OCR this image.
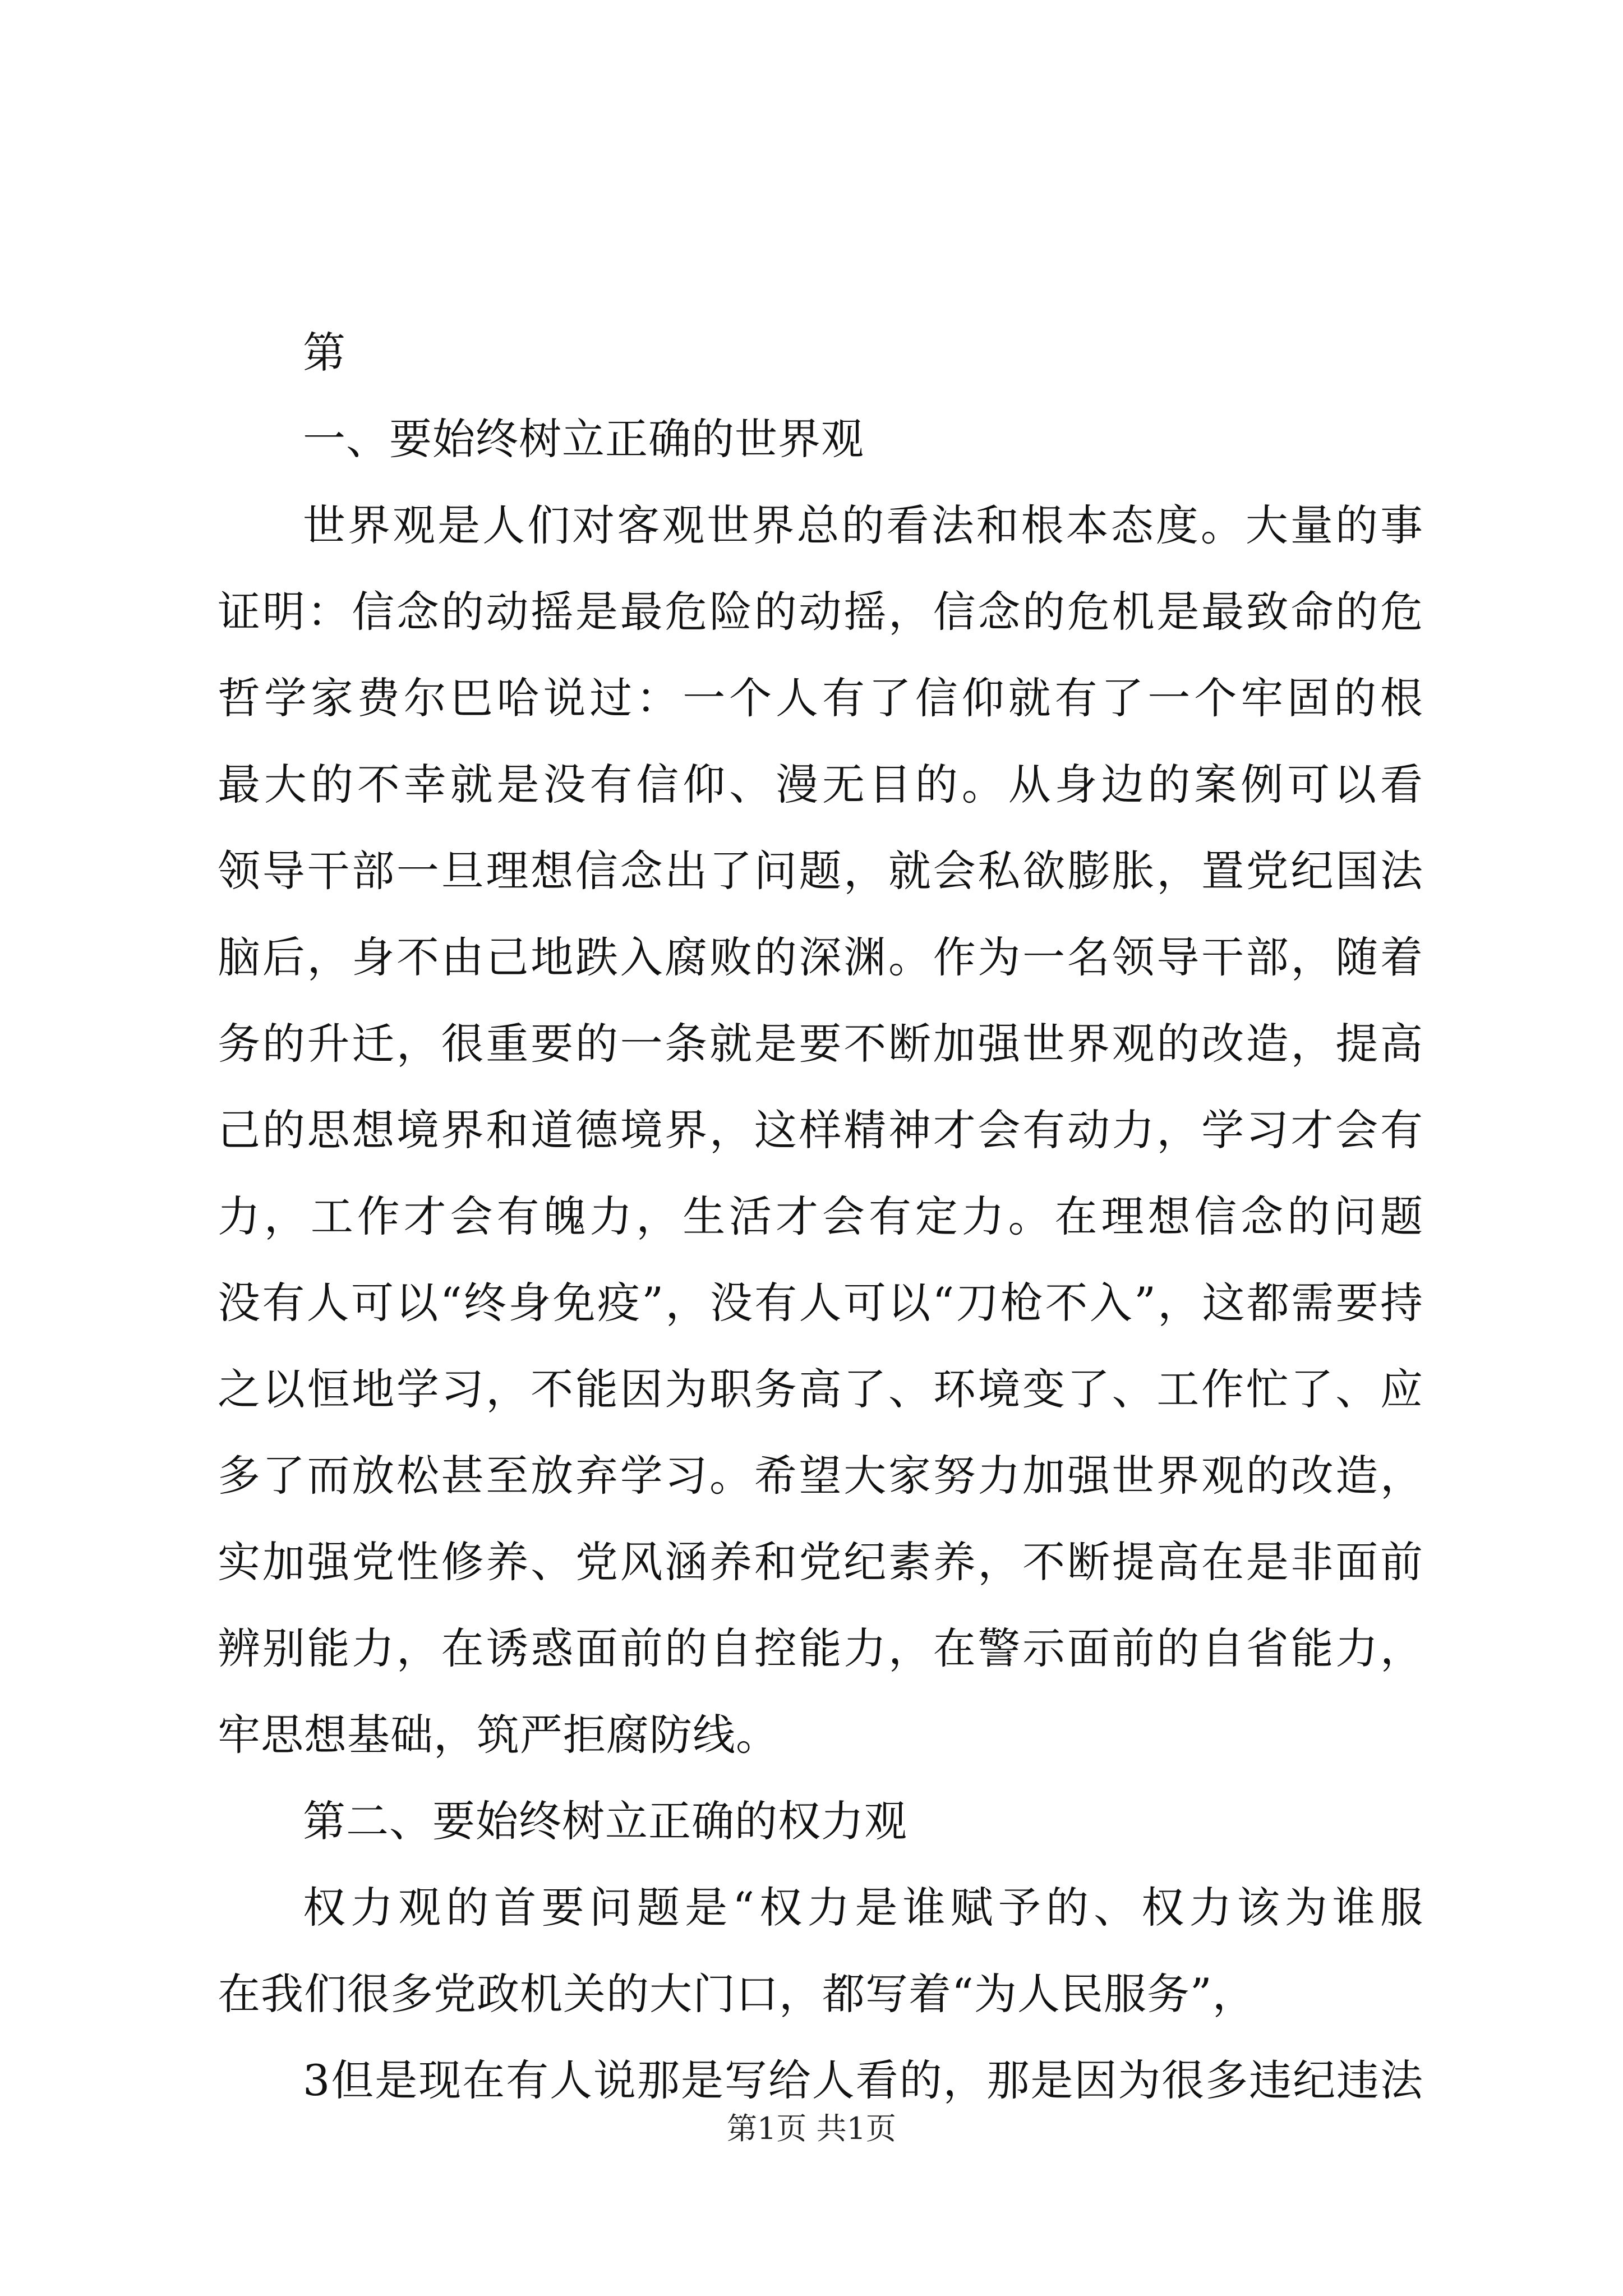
第
一、要始终树立正确的世界观
世界观是人们对客观世界总的看法和根本态度。大量的事
证明：信念的动摇是最危险的动摇，信念的危机是最致命的危
哲学家费尔巴哈说过：一个人有了信仰就有了一个牢固的根
最大的不幸就是没有信仰、漫无目的。从身边的案例可以看
领导干部一旦理想信念出了问题，就会私欲膨胀，置党纪国法
脑后，身不由己地跌入腐败的深渊。作为一名领导干部，随着
务的升迁，很重要的一条就是要不断加强世界观的改造，提高
己的思想境界和道德境界，这样精神才会有动力，学习才会有
力，工作才会有魄力，生活才会有定力。在理想信念的问题
没有人可以“终身免疫”，没有人可以“刀枪不入”，这都需要持
之以恒地学习，不能因为职务高了、环境变了、工作忙了、应
多了而放松甚至放弃学习。希望大家努力加强世界观的改造，
实加强党性修养、党风涵养和党纪素养，不断提高在是非面前
辨别能力，在诱惑面前的自控能力，在警示面前的自省能力，
牢思想基础，筑严拒腐防线。
第二、要始终树立正确的权力观
权力观的首要问题是“权力是谁赋予的、权力该为谁服
在我们很多党政机关的大门口，都写着“为人民服务”，
3但是现在有人说那是写给人看的，那是因为很多违纪违法
第1页 共1页
